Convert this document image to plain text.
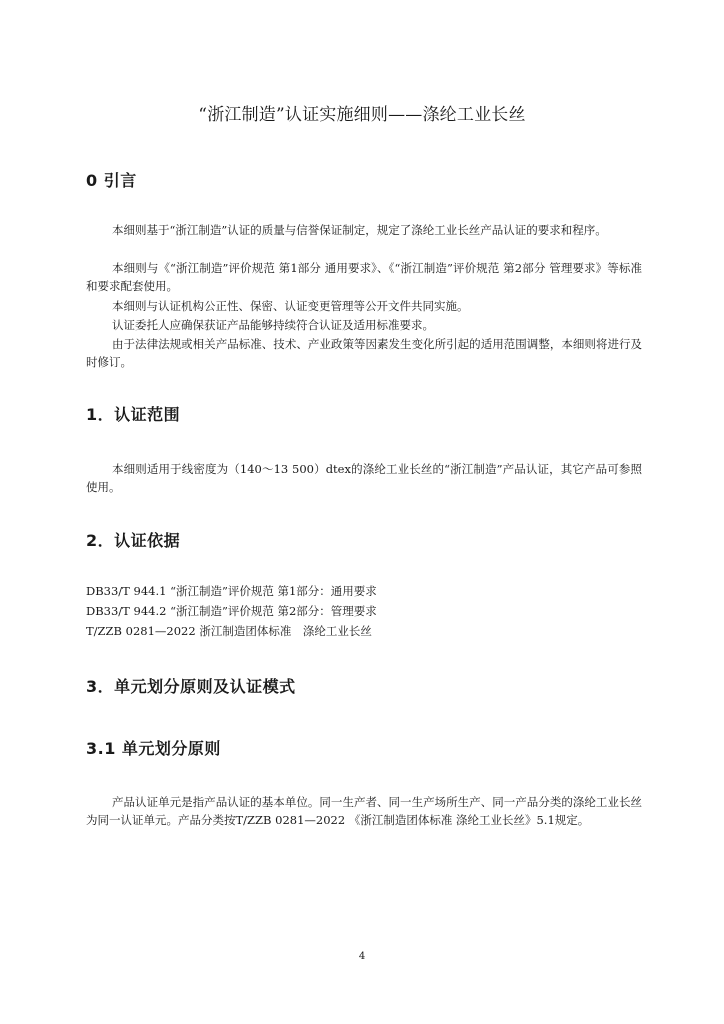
“浙江制造”认证实施细则——涤纶工业长丝
0 引言

本细则基于“浙江制造”认证的质量与信誉保证制定，规定了涤纶工业长丝产品认证的要求和程序。

本细则与《“浙江制造”评价规范 第1部分 通用要求》、《“浙江制造”评价规范 第2部分 管理要求》等标准和要求配套使用。

本细则与认证机构公正性、保密、认证变更管理等公开文件共同实施。

认证委托人应确保获证产品能够持续符合认证及适用标准要求。

由于法律法规或相关产品标准、技术、产业政策等因素发生变化所引起的适用范围调整，本细则将进行及时修订。

1．认证范围

本细则适用于线密度为（140～13 500）dtex的涤纶工业长丝的“浙江制造”产品认证，其它产品可参照使用。

2．认证依据
DB33/T 944.1 “浙江制造”评价规范 第1部分：通用要求
DB33/T 944.2 “浙江制造”评价规范 第2部分：管理要求
T/ZZB 0281—2022 浙江制造团体标准　涤纶工业长丝
3．单元划分原则及认证模式
3.1 单元划分原则

产品认证单元是指产品认证的基本单位。同一生产者、同一生产场所生产、同一产品分类的涤纶工业长丝为同一认证单元。产品分类按T/ZZB 0281—2022 《浙江制造团体标准 涤纶工业长丝》5.1规定。

4
